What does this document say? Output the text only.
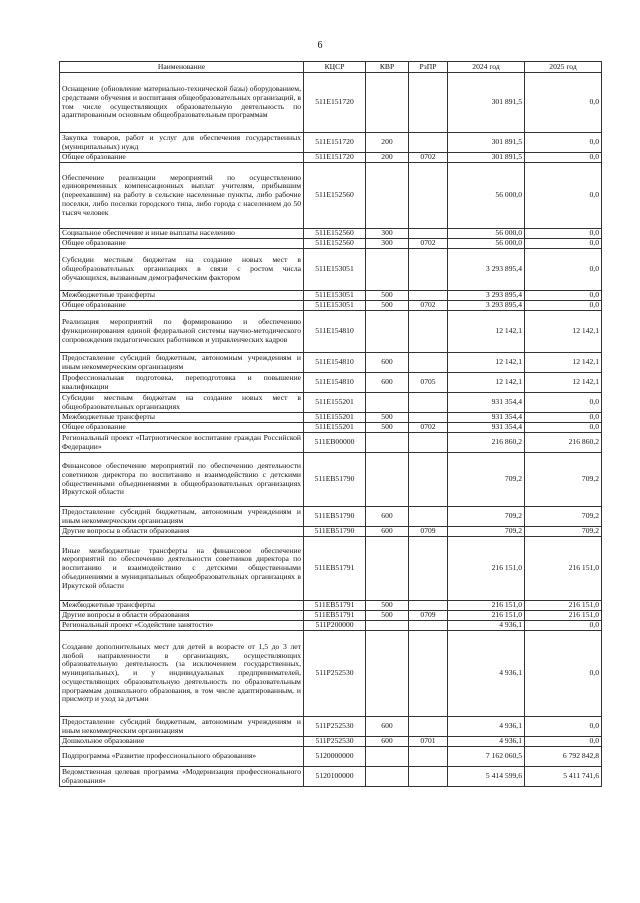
6
Наименование	КЦСР	КВР	РзПР	2024 год	2025 год
Оснащение (обновление материально-технической базы) оборудованием, средствами обучения и воспитания общеобразовательных организаций, в том числе осуществляющих образовательную деятельность по адаптированным основным общеобразовательным программам	511Е151720			301 891,5	0,0
Закупка товаров, работ и услуг для обеспечения государственных (муниципальных) нужд	511Е151720	200		301 891,5	0,0
Общее образование	511Е151720	200	0702	301 891,5	0,0
Обеспечение реализации мероприятий по осуществлению единовременных компенсационных выплат учителям, прибывшим (переехавшим) на работу в сельские населенные пункты, либо рабочие поселки, либо поселки городского типа, либо города с населением до 50 тысяч человек	511Е152560			56 000,0	0,0
Социальное обеспечение и иные выплаты населению	511Е152560	300		56 000,0	0,0
Общее образование	511Е152560	300	0702	56 000,0	0,0
Субсидии местным бюджетам на создание новых мест в общеобразовательных организациях в связи с ростом числа обучающихся, вызванным демографическим фактором	511Е153051			3 293 895,4	0,0
Межбюджетные трансферты	511Е153051	500		3 293 895,4	0,0
Общее образование	511Е153051	500	0702	3 293 895,4	0,0
Реализация мероприятий по формированию и обеспечению функционирования единой федеральной системы научно-методического сопровождения педагогических работников и управленческих кадров	511Е154810			12 142,1	12 142,1
Предоставление субсидий бюджетным, автономным учреждениям и иным некоммерческим организациям	511Е154810	600		12 142,1	12 142,1
Профессиональная подготовка, переподготовка и повышение квалификации	511Е154810	600	0705	12 142,1	12 142,1
Субсидии местным бюджетам на создание новых мест в общеобразовательных организациях	511Е155201			931 354,4	0,0
Межбюджетные трансферты	511Е155201	500		931 354,4	0,0
Общее образование	511Е155201	500	0702	931 354,4	0,0
Региональный проект «Патриотическое воспитание граждан Российской Федерации»	511ЕВ00000			216 860,2	216 860,2
Финансовое обеспечение мероприятий по обеспечению деятельности советников директора по воспитанию и взаимодействию с детскими общественными объединениями в общеобразовательных организациях Иркутской области	511ЕВ51790			709,2	709,2
Предоставление субсидий бюджетным, автономным учреждениям и иным некоммерческим организациям	511ЕВ51790	600		709,2	709,2
Другие вопросы в области образования	511ЕВ51790	600	0709	709,2	709,2
Иные межбюджетные трансферты на финансовое обеспечение мероприятий по обеспечению деятельности советников директора по воспитанию и взаимодействию с детскими общественными объединениями в муниципальных общеобразовательных организациях в Иркутской области	511ЕВ51791			216 151,0	216 151,0
Межбюджетные трансферты	511ЕВ51791	500		216 151,0	216 151,0
Другие вопросы в области образования	511ЕВ51791	500	0709	216 151,0	216 151,0
Региональный проект «Содействие занятости»	511Р200000			4 936,1	0,0
Создание дополнительных мест для детей в возрасте от 1,5 до 3 лет любой направленности в организациях, осуществляющих образовательную деятельность (за исключением государственных, муниципальных), и у индивидуальных предпринимателей, осуществляющих образовательную деятельность по образовательным программам дошкольного образования, в том числе адаптированным, и присмотр и уход за детьми	511Р252530			4 936,1	0,0
Предоставление субсидий бюджетным, автономным учреждениям и иным некоммерческим организациям	511Р252530	600		4 936,1	0,0
Дошкольное образование	511Р252530	600	0701	4 936,1	0,0
Подпрограмма «Развитие профессионального образования»	5120000000			7 162 060,5	6 792 842,8
Ведомственная целевая программа «Модернизация профессионального образования»	5120100000			5 414 599,6	5 411 741,6
